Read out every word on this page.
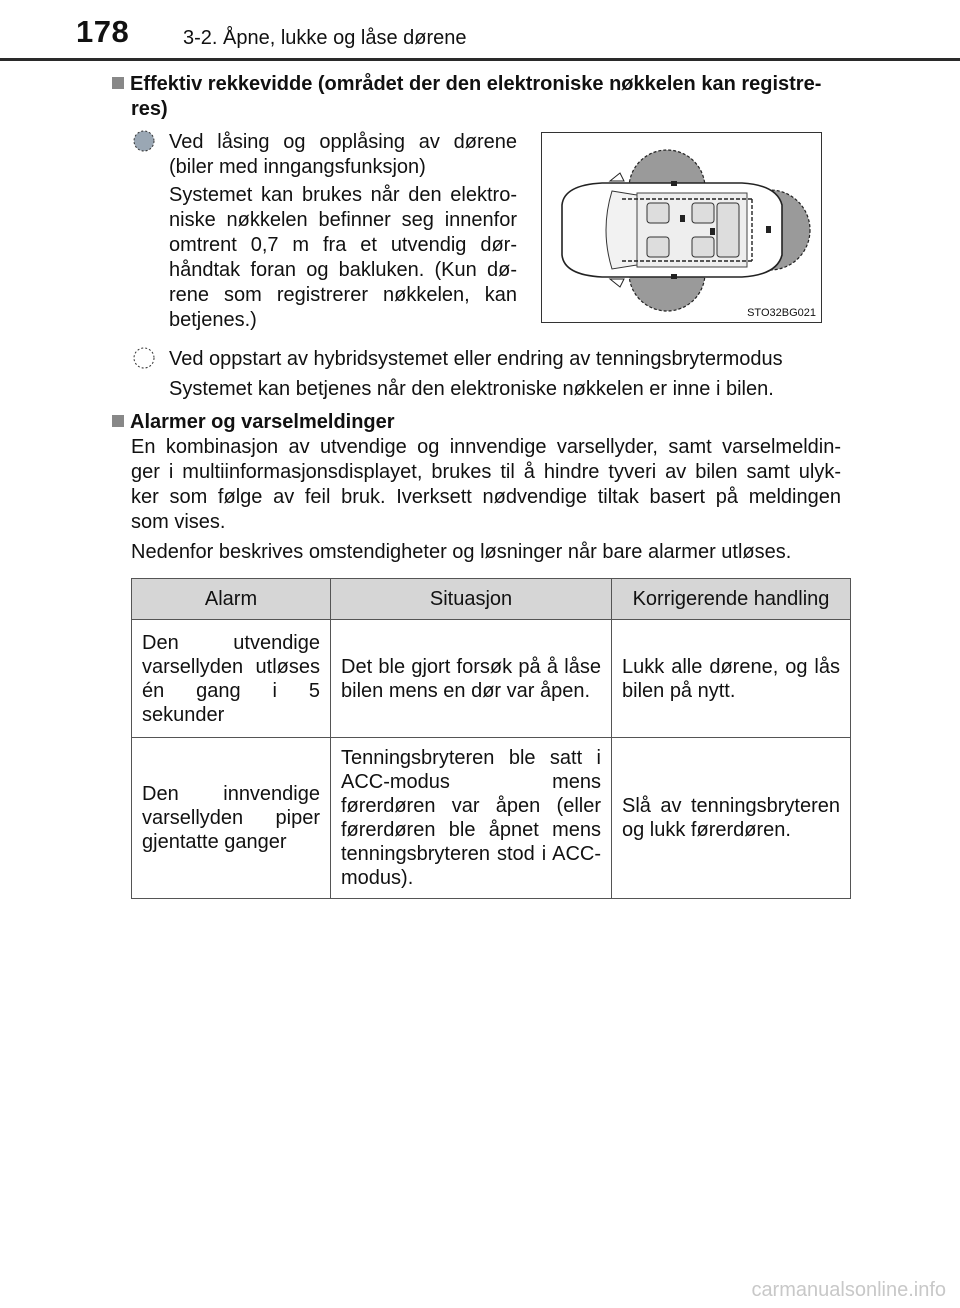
178	3-2. Åpne, lukke og låse dørene
Effektiv rekkevidde (området der den elektroniske nøkkelen kan registre-
res)
Ved låsing og opplåsing av dørene
(biler med inngangsfunksjon)
Systemet kan brukes når den elektro-
niske nøkkelen befinner seg innenfor
omtrent 0,7 m fra et utvendig dør-
håndtak foran og bakluken. (Kun dø-
rene som registrerer nøkkelen, kan
betjenes.)	STO32BG021
Ved oppstart av hybridsystemet eller endring av tenningsbrytermodus
Systemet kan betjenes når den elektroniske nøkkelen er inne i bilen.
Alarmer og varselmeldinger
En kombinasjon av utvendige og innvendige varsellyder, samt varselmeldin-
ger i multiinformasjonsdisplayet, brukes til å hindre tyveri av bilen samt ulyk-
ker som følge av feil bruk. Iverksett nødvendige tiltak basert på meldingen
som vises.
Nedenfor beskrives omstendigheter og løsninger når bare alarmer utløses.
Alarm	Situasjon	Korrigerende handling
Den utvendige varsellyden utløses én gang i 5 sekunder	Det ble gjort forsøk på å låse bilen mens en dør var åpen.	Lukk alle dørene, og lås bilen på nytt.
Den innvendige varsellyden piper gjentatte ganger	Tenningsbryteren ble satt i ACC-modus mens førerdøren var åpen (eller førerdøren ble åpnet mens tenningsbryteren stod i ACC-modus).	Slå av tenningsbryteren og lukk førerdøren.
carmanualsonline.info
